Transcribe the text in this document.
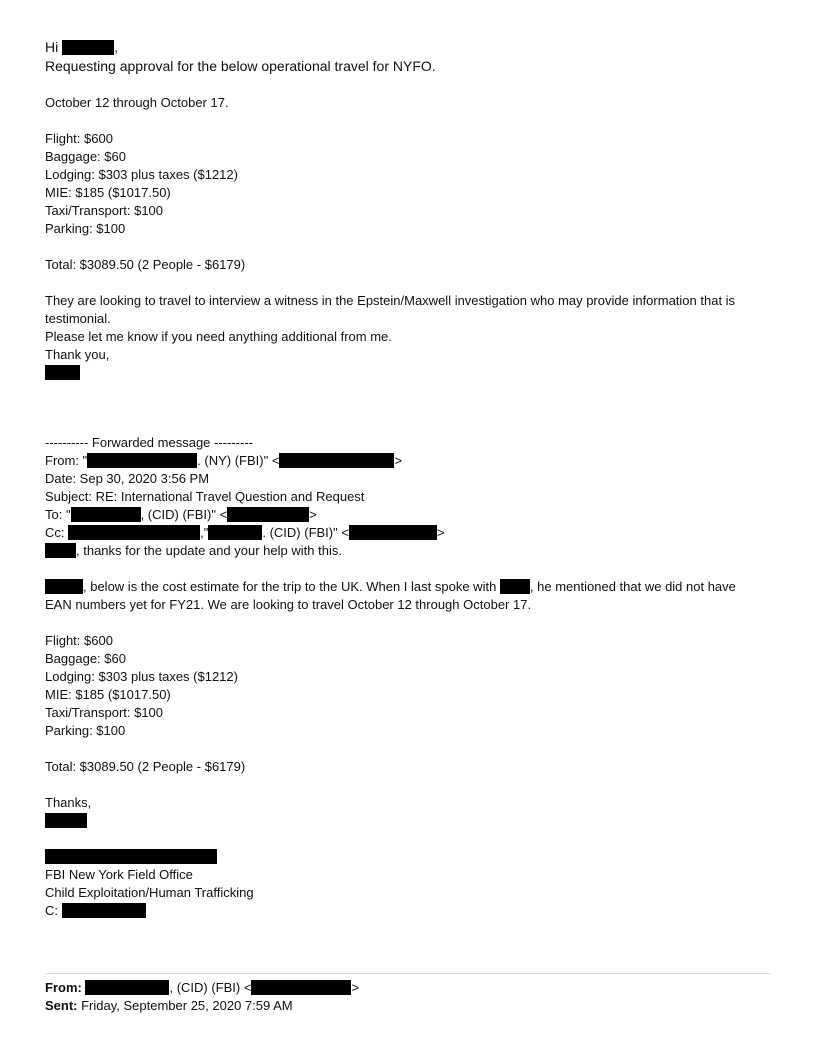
Hi	,
Requesting approval for the below operational travel for NYFO.
October 12 through October 17.
Flight: $600
Baggage: $60
Lodging: $303 plus taxes ($1212)
MIE: $185 ($1017.50)
Taxi/Transport: $100
Parking: $100
Total: $3089.50 (2 People - $6179)
They are looking to travel to interview a witness in the Epstein/Maxwell investigation who may provide information that is testimonial.
Please let me know if you need anything additional from me.
Thank you,
---------- Forwarded message ---------
From: "	. (NY) (FBI)" <	>
Date: Sep 30, 2020 3:56 PM
Subject: RE: International Travel Question and Request
To: "	, (CID) (FBI)" <	>
Cc:	,"	. (CID) (FBI)" <	>
, thanks for the update and your help with this.
, below is the cost estimate for the trip to the UK. When I last spoke with , he mentioned that we did not have
EAN numbers yet for FY21. We are looking to travel October 12 through October 17.
Flight: $600
Baggage: $60
Lodging: $303 plus taxes ($1212)
MIE: $185 ($1017.50)
Taxi/Transport: $100
Parking: $100
Total: $3089.50 (2 People - $6179)
Thanks,
FBI New York Field Office
Child Exploitation/Human Trafficking
C:
From:	, (CID) (FBI) <	>
Sent: Friday, September 25, 2020 7:59 AM
